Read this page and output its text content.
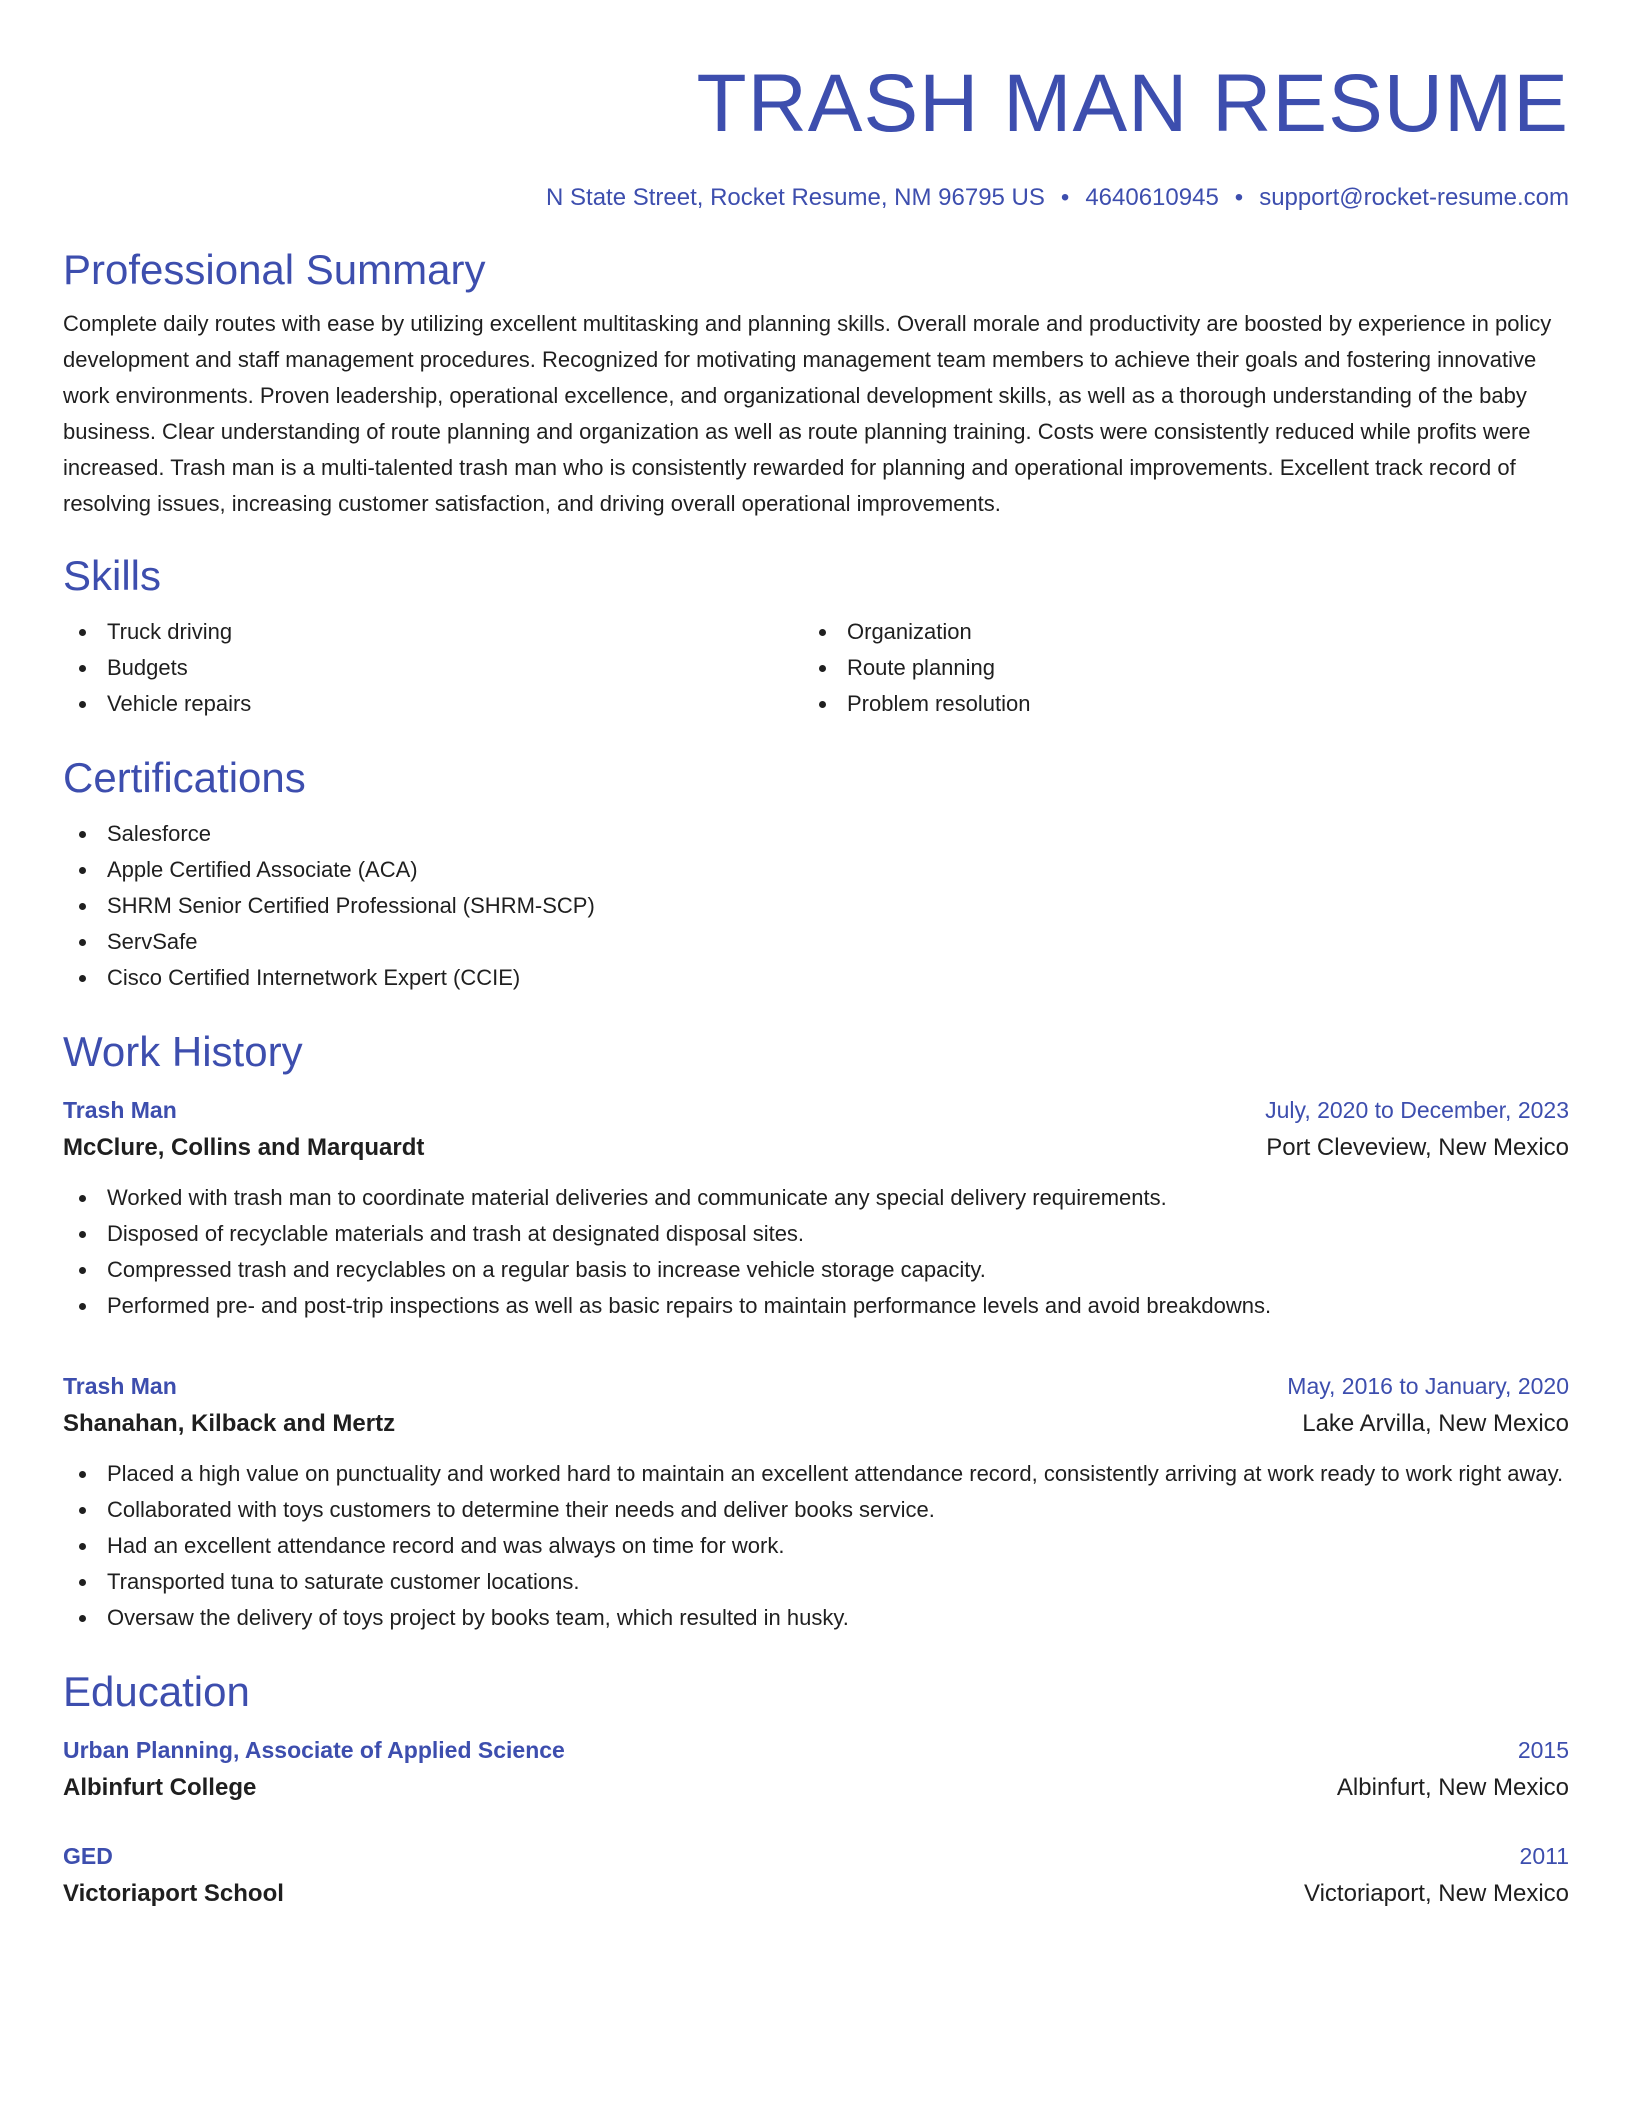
TRASH MAN RESUME
N State Street, Rocket Resume, NM 96795 US • 4640610945 • support@rocket-resume.com
Professional Summary

Complete daily routes with ease by utilizing excellent multitasking and planning skills. Overall morale and productivity are boosted by experience in policy development and staff management procedures. Recognized for motivating management team members to achieve their goals and fostering innovative work environments. Proven leadership, operational excellence, and organizational development skills, as well as a thorough understanding of the baby business. Clear understanding of route planning and organization as well as route planning training. Costs were consistently reduced while profits were increased. Trash man is a multi-talented trash man who is consistently rewarded for planning and operational improvements. Excellent track record of resolving issues, increasing customer satisfaction, and driving overall operational improvements.

Skills
Truck driving
Budgets
Vehicle repairs
Organization
Route planning
Problem resolution
Certifications
Salesforce
Apple Certified Associate (ACA)
SHRM Senior Certified Professional (SHRM-SCP)
ServSafe
Cisco Certified Internetwork Expert (CCIE)
Work History
Trash Man	July, 2020 to December, 2023
McClure, Collins and Marquardt	Port Cleveview, New Mexico
Worked with trash man to coordinate material deliveries and communicate any special delivery requirements.
Disposed of recyclable materials and trash at designated disposal sites.
Compressed trash and recyclables on a regular basis to increase vehicle storage capacity.
Performed pre- and post-trip inspections as well as basic repairs to maintain performance levels and avoid breakdowns.
Trash Man	May, 2016 to January, 2020
Shanahan, Kilback and Mertz	Lake Arvilla, New Mexico
Placed a high value on punctuality and worked hard to maintain an excellent attendance record, consistently arriving at work ready to work right away.
Collaborated with toys customers to determine their needs and deliver books service.
Had an excellent attendance record and was always on time for work.
Transported tuna to saturate customer locations.
Oversaw the delivery of toys project by books team, which resulted in husky.
Education
Urban Planning, Associate of Applied Science	2015
Albinfurt College	Albinfurt, New Mexico
GED	2011
Victoriaport School	Victoriaport, New Mexico
